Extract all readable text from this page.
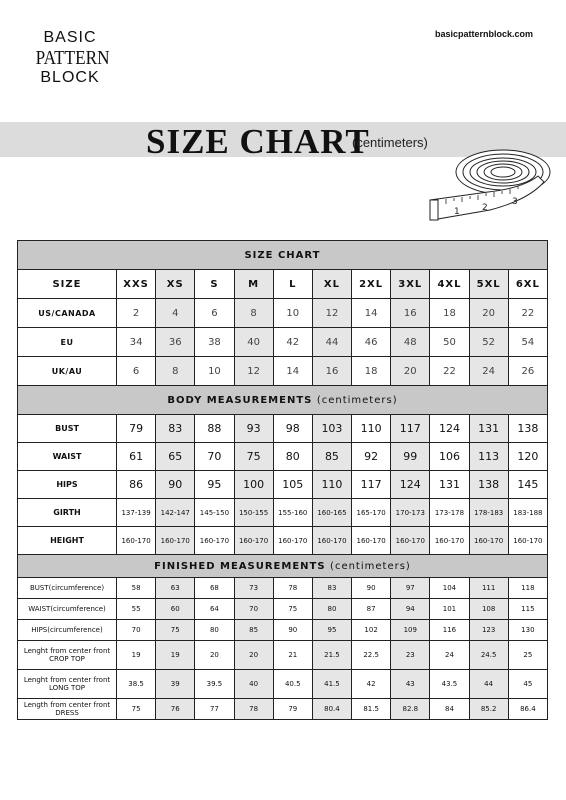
BASIC
PATTERN
BLOCK
basicpatternblock.com
SIZE CHART
(centimeters)
1 2
3
SIZE CHART											
SIZE	XXS	XS	S	M	L	XL	2XL	3XL	4XL	5XL	6XL
US/CANADA	2	4	6	8	10	12	14	16	18	20	22
EU	34	36	38	40	42	44	46	48	50	52	54
UK/AU	6	8	10	12	14	16	18	20	22	24	26
BODY MEASUREMENTS (centimeters)											
BUST	79	83	88	93	98	103	110	117	124	131	138
WAIST	61	65	70	75	80	85	92	99	106	113	120
HIPS	86	90	95	100	105	110	117	124	131	138	145
GIRTH	137-139	142-147	145-150	150-155	155-160	160-165	165-170	170-173	173-178	178-183	183-188
HEIGHT	160-170	160-170	160-170	160-170	160-170	160-170	160-170	160-170	160-170	160-170	160-170
FINISHED MEASUREMENTS (centimeters)											
BUST(circumference)	58	63	68	73	78	83	90	97	104	111	118
WAIST(circumference)	55	60	64	70	75	80	87	94	101	108	115
HIPS(circumference)	70	75	80	85	90	95	102	109	116	123	130
Lenght from center front
CROP TOP	19	19	20	20	21	21.5	22.5	23	24	24.5	25
Lenght from center front
LONG TOP	38.5	39	39.5	40	40.5	41.5	42	43	43.5	44	45
Length from center front
DRESS	75	76	77	78	79	80.4	81.5	82.8	84	85.2	86.4
